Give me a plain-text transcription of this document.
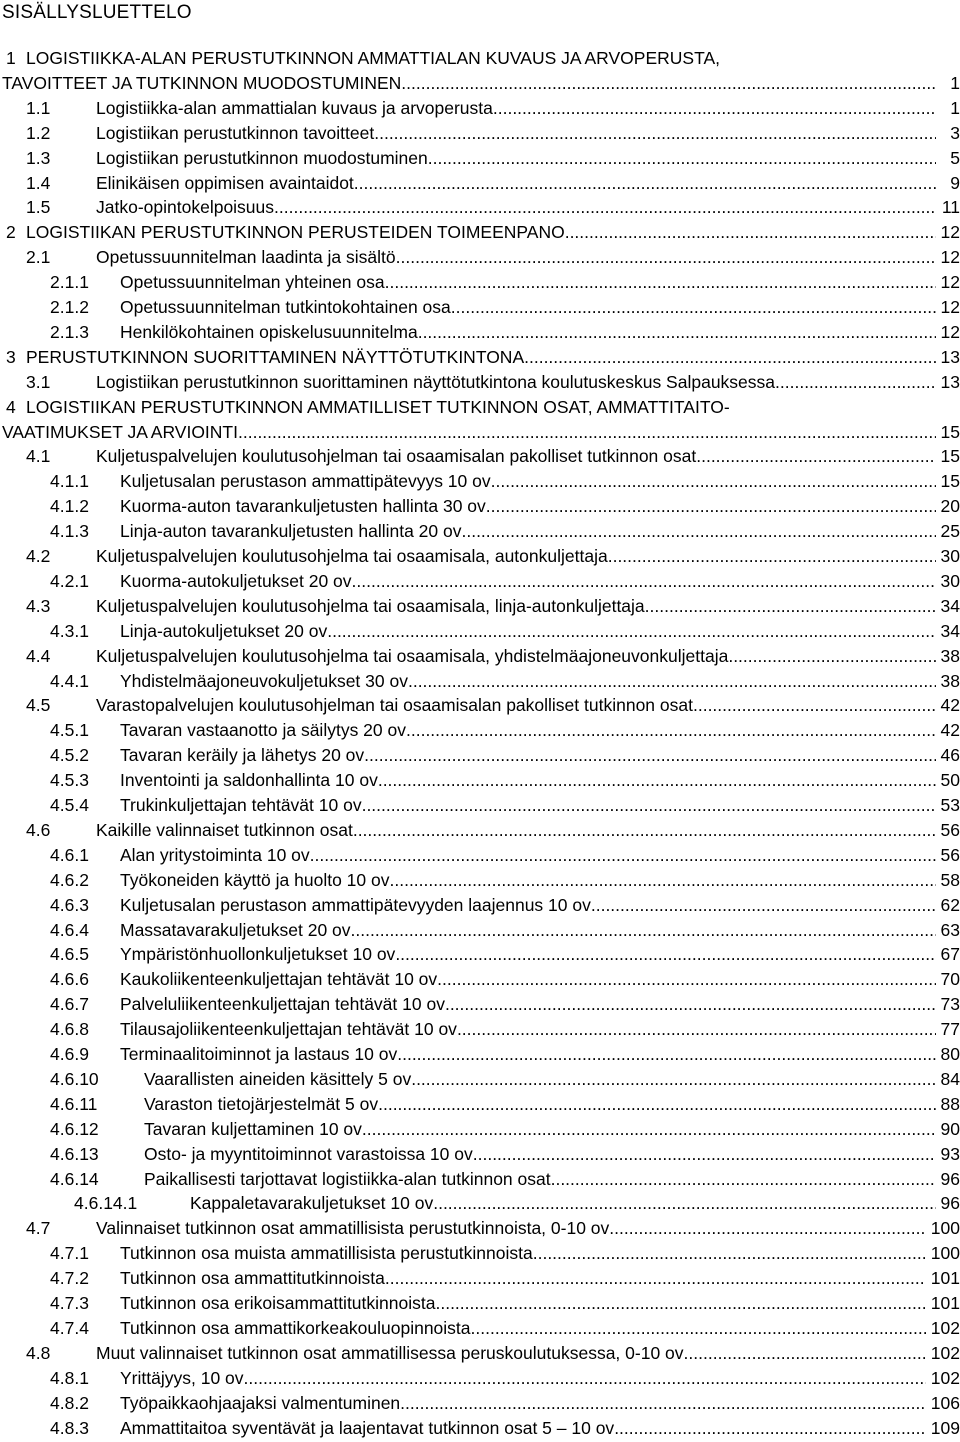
SISÄLLYSLUETTELO
1 LOGISTIIKKA-ALAN PERUSTUTKINNON AMMATTIALAN KUVAUS JA ARVOPERUSTA,
TAVOITTEET JA TUTKINNON MUODOSTUMINEN .....	1
1.1	Logistiikka-alan ammattialan kuvaus ja arvoperusta .....	1
1.2	Logistiikan perustutkinnon tavoitteet .....	3
1.3	Logistiikan perustutkinnon muodostuminen .....	5
1.4	Elinikäisen oppimisen avaintaidot .....	9
1.5	Jatko-opintokelpoisuus .....	11
2 LOGISTIIKAN PERUSTUTKINNON PERUSTEIDEN TOIMEENPANO .....	12
2.1	Opetussuunnitelman laadinta ja sisältö .....	12
2.1.1 Opetussuunnitelman yhteinen osa .....	12
2.1.2 Opetussuunnitelman tutkintokohtainen osa .....	12
2.1.3 Henkilökohtainen opiskelusuunnitelma .....	12
3 PERUSTUTKINNON SUORITTAMINEN NÄYTTÖTUTKINTONA .....	13
3.1	Logistiikan perustutkinnon suorittaminen näyttötutkintona koulutuskeskus Salpauksessa .....	13
4 LOGISTIIKAN PERUSTUTKINNON AMMATILLISET TUTKINNON OSAT, AMMATTITAITO-
VAATIMUKSET JA ARVIOINTI .....	15
4.1	Kuljetuspalvelujen koulutusohjelman tai osaamisalan pakolliset tutkinnon osat .....	15
4.1.1 Kuljetusalan perustason ammattipätevyys 10 ov .....	15
4.1.2 Kuorma-auton tavarankuljetusten hallinta 30 ov .....	20
4.1.3 Linja-auton tavarankuljetusten hallinta 20 ov .....	25
4.2	Kuljetuspalvelujen koulutusohjelma tai osaamisala, autonkuljettaja .....	30
4.2.1 Kuorma-autokuljetukset 20 ov .....	30
4.3	Kuljetuspalvelujen koulutusohjelma tai osaamisala, linja-autonkuljettaja .....	34
4.3.1 Linja-autokuljetukset 20 ov .....	34
4.4	Kuljetuspalvelujen koulutusohjelma tai osaamisala, yhdistelmäajoneuvonkuljettaja .....	38
4.4.1 Yhdistelmäajoneuvokuljetukset 30 ov .....	38
4.5	Varastopalvelujen koulutusohjelman tai osaamisalan pakolliset tutkinnon osat .....	42
4.5.1 Tavaran vastaanotto ja säilytys 20 ov .....	42
4.5.2 Tavaran keräily ja lähetys 20 ov .....	46
4.5.3 Inventointi ja saldonhallinta 10 ov .....	50
4.5.4 Trukinkuljettajan tehtävät 10 ov .....	53
4.6	Kaikille valinnaiset tutkinnon osat .....	56
4.6.1 Alan yritystoiminta 10 ov .....	56
4.6.2 Työkoneiden käyttö ja huolto 10 ov .....	58
4.6.3 Kuljetusalan perustason ammattipätevyyden laajennus 10 ov .....	62
4.6.4 Massatavarakuljetukset 20 ov .....	63
4.6.5 Ympäristönhuollonkuljetukset 10 ov .....	67
4.6.6 Kaukoliikenteenkuljettajan tehtävät 10 ov .....	70
4.6.7 Palveluliikenteenkuljettajan tehtävät 10 ov .....	73
4.6.8 Tilausajoliikenteenkuljettajan tehtävät 10 ov .....	77
4.6.9 Terminaalitoiminnot ja lastaus 10 ov .....	80
4.6.10	Vaarallisten aineiden käsittely 5 ov .....	84
4.6.11	Varaston tietojärjestelmät 5 ov .....	88
4.6.12	Tavaran kuljettaminen 10 ov .....	90
4.6.13	Osto- ja myyntitoiminnot varastoissa 10 ov .....	93
4.6.14	Paikallisesti tarjottavat logistiikka-alan tutkinnon osat .....	96
4.6.14.1	Kappaletavarakuljetukset 10 ov .....	96
4.7	Valinnaiset tutkinnon osat ammatillisista perustutkinnoista, 0-10 ov .....	100
4.7.1 Tutkinnon osa muista ammatillisista perustutkinnoista .....	100
4.7.2 Tutkinnon osa ammattitutkinnoista .....	101
4.7.3 Tutkinnon osa erikoisammattitutkinnoista .....	101
4.7.4 Tutkinnon osa ammattikorkeakouluopinnoista .....	102
4.8	Muut valinnaiset tutkinnon osat ammatillisessa peruskoulutuksessa, 0-10 ov .....	102
4.8.1 Yrittäjyys, 10 ov .....	102
4.8.2 Työpaikkaohjaajaksi valmentuminen .....	106
4.8.3 Ammattitaitoa syventävät ja laajentavat tutkinnon osat 5 – 10 ov .....	109
